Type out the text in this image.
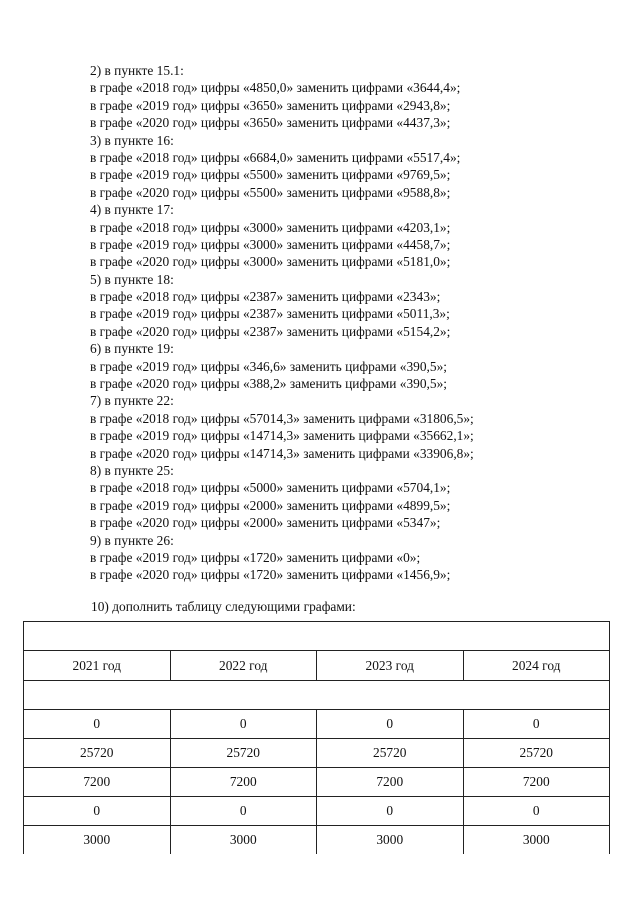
2) в пункте 15.1:
в графе «2018 год» цифры «4850,0» заменить цифрами «3644,4»;
в графе «2019 год» цифры «3650» заменить цифрами «2943,8»;
в графе «2020 год» цифры «3650» заменить цифрами «4437,3»;
3) в пункте 16:
в графе «2018 год» цифры «6684,0» заменить цифрами «5517,4»;
в графе «2019 год» цифры «5500» заменить цифрами «9769,5»;
в графе «2020 год» цифры «5500» заменить цифрами «9588,8»;
4) в пункте 17:
в графе «2018 год» цифры «3000» заменить цифрами «4203,1»;
в графе «2019 год» цифры «3000» заменить цифрами «4458,7»;
в графе «2020 год» цифры «3000» заменить цифрами «5181,0»;
5) в пункте 18:
в графе «2018 год» цифры «2387» заменить цифрами «2343»;
в графе «2019 год» цифры «2387» заменить цифрами «5011,3»;
в графе «2020 год» цифры «2387» заменить цифрами «5154,2»;
6) в пункте 19:
в графе «2019 год» цифры «346,6» заменить цифрами «390,5»;
в графе «2020 год» цифры «388,2» заменить цифрами «390,5»;
7) в пункте 22:
в графе «2018 год» цифры «57014,3» заменить цифрами «31806,5»;
в графе «2019 год» цифры «14714,3» заменить цифрами «35662,1»;
в графе «2020 год» цифры «14714,3» заменить цифрами «33906,8»;
8) в пункте 25:
в графе «2018 год» цифры «5000» заменить цифрами «5704,1»;
в графе «2019 год» цифры «2000» заменить цифрами «4899,5»;
в графе «2020 год» цифры «2000» заменить цифрами «5347»;
9) в пункте 26:
в графе «2019 год» цифры «1720» заменить цифрами «0»;
в графе «2020 год» цифры «1720» заменить цифрами «1456,9»;
10) дополнить таблицу следующими графами:

2021 год	2022 год	2023 год	2024 год

0	0	0	0
25720	25720	25720	25720
7200	7200	7200	7200
0	0	0	0
3000	3000	3000	3000
